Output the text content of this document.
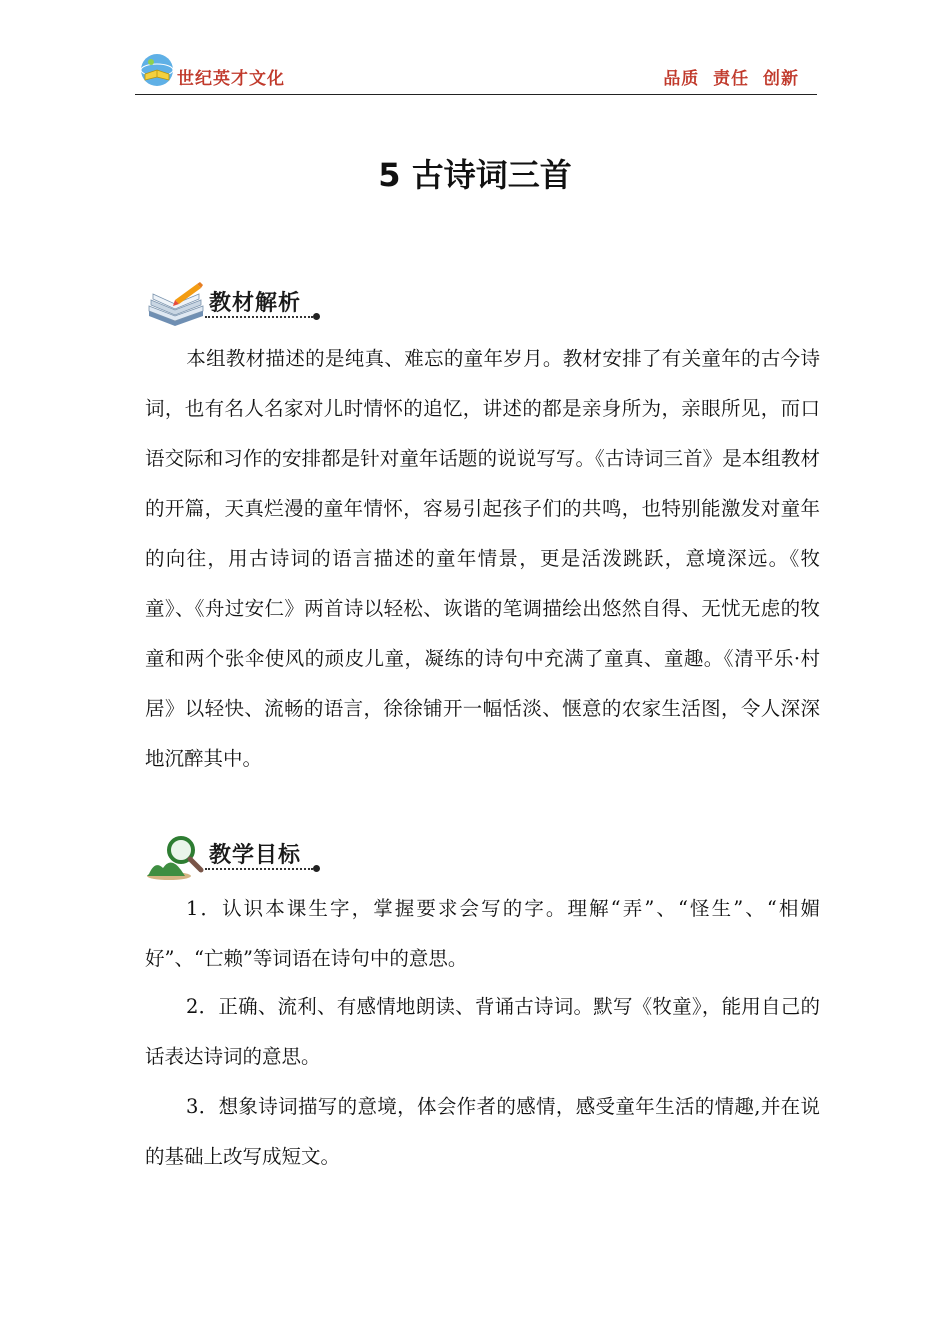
世纪英才文化	品质  责任  创新
5 古诗词三首
教材解析

本组教材描述的是纯真、难忘的童年岁月。教材安排了有关童年的古今诗词，也有名人名家对儿时情怀的追忆，讲述的都是亲身所为，亲眼所见，而口语交际和习作的安排都是针对童年话题的说说写写。《古诗词三首》是本组教材的开篇，天真烂漫的童年情怀，容易引起孩子们的共鸣，也特别能激发对童年的向往，用古诗词的语言描述的童年情景，更是活泼跳跃，意境深远。《牧童》、《舟过安仁》两首诗以轻松、诙谐的笔调描绘出悠然自得、无忧无虑的牧童和两个张伞使风的顽皮儿童，凝练的诗句中充满了童真、童趣。《清平乐·村居》以轻快、流畅的语言，徐徐铺开一幅恬淡、惬意的农家生活图，令人深深地沉醉其中。

教学目标

1．认识本课生字，掌握要求会写的字。理解“弄”、“怪生”、“相媚好”、“亡赖”等词语在诗句中的意思。

2．正确、流利、有感情地朗读、背诵古诗词。默写《牧童》，能用自己的话表达诗词的意思。

3．想象诗词描写的意境，体会作者的感情，感受童年生活的情趣,并在说的基础上改写成短文。
